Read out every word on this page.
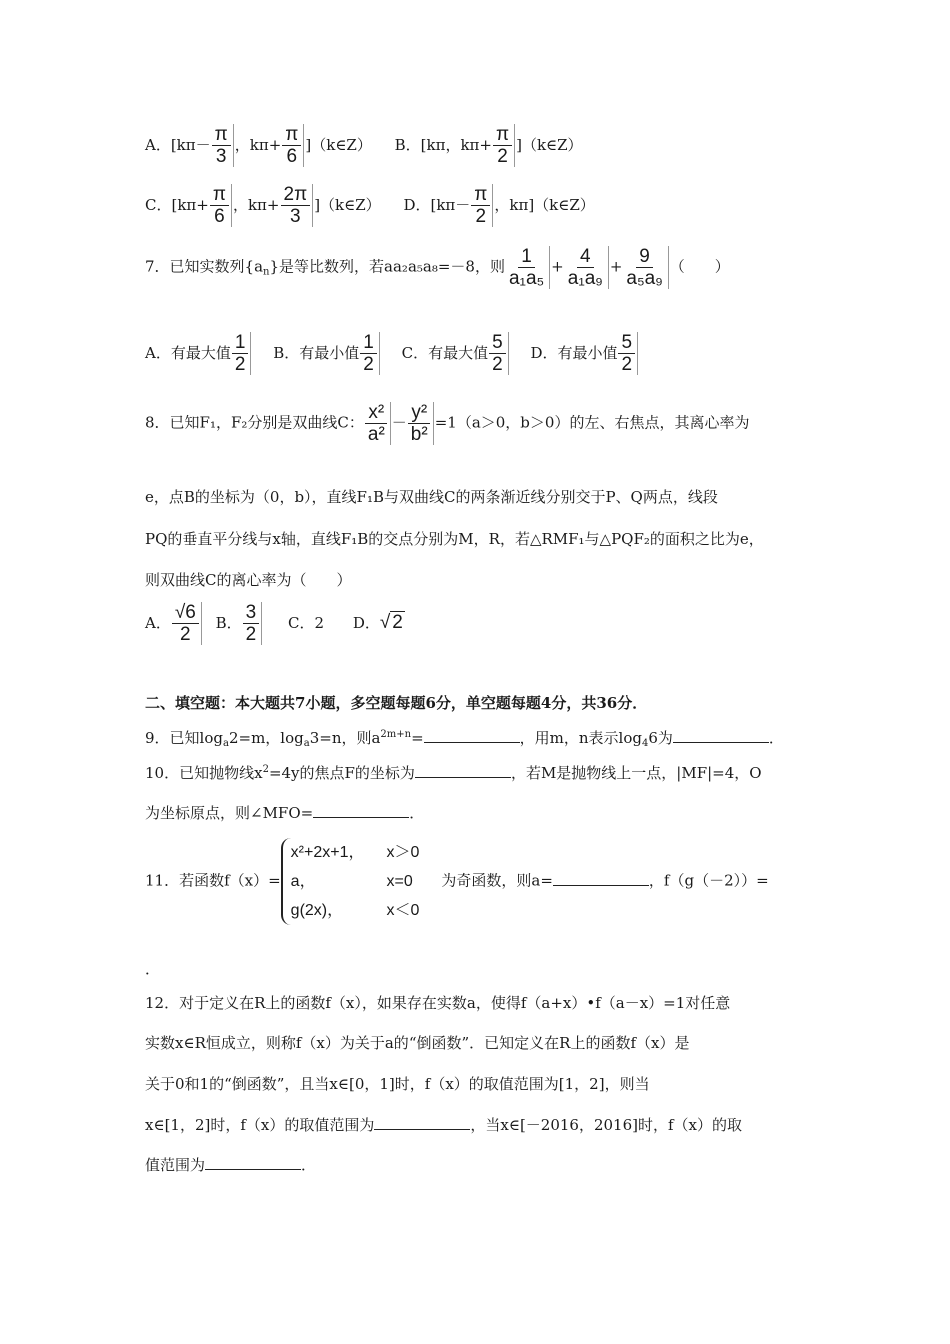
A．[$k\pi- \frac{\pi}{3}$ ，$k\pi+ \frac{\pi}{6}$ ]（k∈Z） B．[kπ，$k\pi+ \frac{\pi}{2}$ ]（k∈Z）
C．[$k\pi+ \frac{\pi}{6}$ ，$k\pi+ \frac{2\pi}{3}$ ]（k∈Z） D．[$k\pi- \frac{\pi}{2}$ ，kπ]（k∈Z）
7．已知实数列$\{a_n\}$是等比数列，若aa₂a₅a₈=－8，则 $\frac{1}{\text{a₁a₅}} + \frac{4}{\text{a₁a₉}} + \frac{9}{\text{a₅a₉}}$ （　　）
A．有最大值 $\frac{1}{2}$ B．有最小值 $\frac{1}{2}$ C．有最大值 $\frac{5}{2}$ D．有最小值 $\frac{5}{2}$
8．已知F₁，F₂分别是双曲线C： $\frac{\text{x²}}{\text{a²}} - \frac{\text{y²}}{\text{b²}} =1(a>0$，b＞0）的左、右焦点，其离心率为
e，点B的坐标为（0，b），直线F₁B与双曲线C的两条渐近线分别交于P、Q两点，线段
PQ的垂直平分线与x轴，直线F₁B的交点分别为M，R，若△RMF₁与△PQF₂的面积之比为e，
则双曲线C的离心率为（　　）
A． $\frac{√6}{2}$ B． $\frac{3}{2}$ C．2 D．√ 2
二、填空题：本大题共7小题，多空题每题6分，单空题每题4分，共36分．
9．已知$\log_a2=m$，$\log_a3=n$，则$a^{2m+n}=$	，用m，n表示$\log_46$为	．
10．已知抛物线$x^2=4y$的焦点F的坐标为	，若M是抛物线上一点，|MF|=4，O
为坐标原点，则∠MFO=	．
11．若函数f（x）=
x²+2x+1，	x＞0
a，	x=0
g(2x)，	x＜0
为奇函数，则a=	，f（g（－2））=
．
12．对于定义在R上的函数f（x），如果存在实数a，使得f（a+x）•f（a－x）=1对任意
实数x∈R恒成立，则称f（x）为关于a的“倒函数”．已知定义在R上的函数f（x）是
关于0和1的“倒函数”，且当x∈[0，1]时，f（x）的取值范围为[1，2]，则当
x∈[1，2]时，f（x）的取值范围为	，当x∈[－2016，2016]时，f（x）的取
值范围为	．
